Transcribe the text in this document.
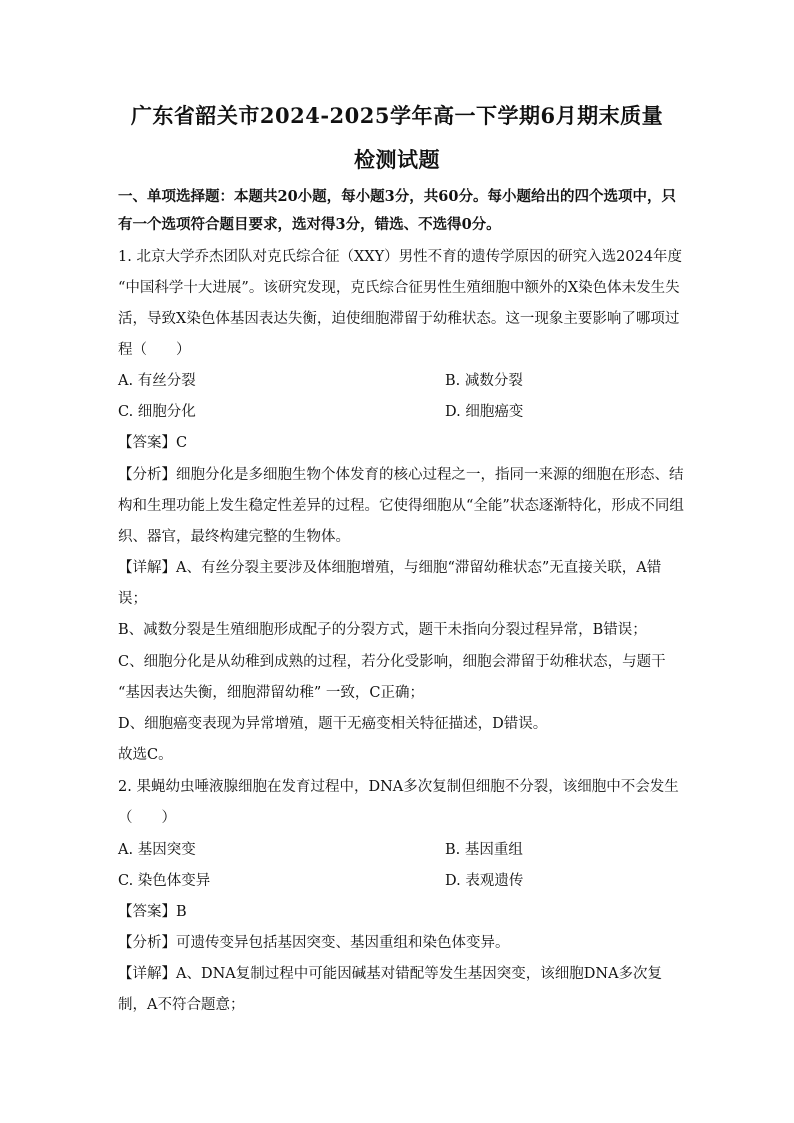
广东省韶关市2024-2025学年高一下学期6月期末质量
检测试题
一、单项选择题：本题共20小题，每小题3分，共60分。每小题给出的四个选项中，只
有一个选项符合题目要求，选对得3分，错选、不选得0分。
1. 北京大学乔杰团队对克氏综合征（XXY）男性不育的遗传学原因的研究入选2024年度
“中国科学十大进展”。该研究发现，克氏综合征男性生殖细胞中额外的X染色体未发生失
活，导致X染色体基因表达失衡，迫使细胞滞留于幼稚状态。这一现象主要影响了哪项过
程（　　）
A. 有丝分裂	B. 减数分裂
C. 细胞分化	D. 细胞癌变
【答案】C
【分析】细胞分化是多细胞生物个体发育的核心过程之一，指同一来源的细胞在形态、结
构和生理功能上发生稳定性差异的过程。它使得细胞从“全能”状态逐渐特化，形成不同组
织、器官，最终构建完整的生物体。
【详解】A、有丝分裂主要涉及体细胞增殖，与细胞“滞留幼稚状态”无直接关联，A错
误；
B、减数分裂是生殖细胞形成配子的分裂方式，题干未指向分裂过程异常，B错误；
C、细胞分化是从幼稚到成熟的过程，若分化受影响，细胞会滞留于幼稚状态，与题干
“基因表达失衡，细胞滞留幼稚” 一致，C正确；
D、细胞癌变表现为异常增殖，题干无癌变相关特征描述，D错误。
故选C。
2. 果蝇幼虫唾液腺细胞在发育过程中，DNA多次复制但细胞不分裂，该细胞中不会发生
（　　）
A. 基因突变	B. 基因重组
C. 染色体变异	D. 表观遗传
【答案】B
【分析】可遗传变异包括基因突变、基因重组和染色体变异。
【详解】A、DNA复制过程中可能因碱基对错配等发生基因突变，该细胞DNA多次复
制，A不符合题意；
